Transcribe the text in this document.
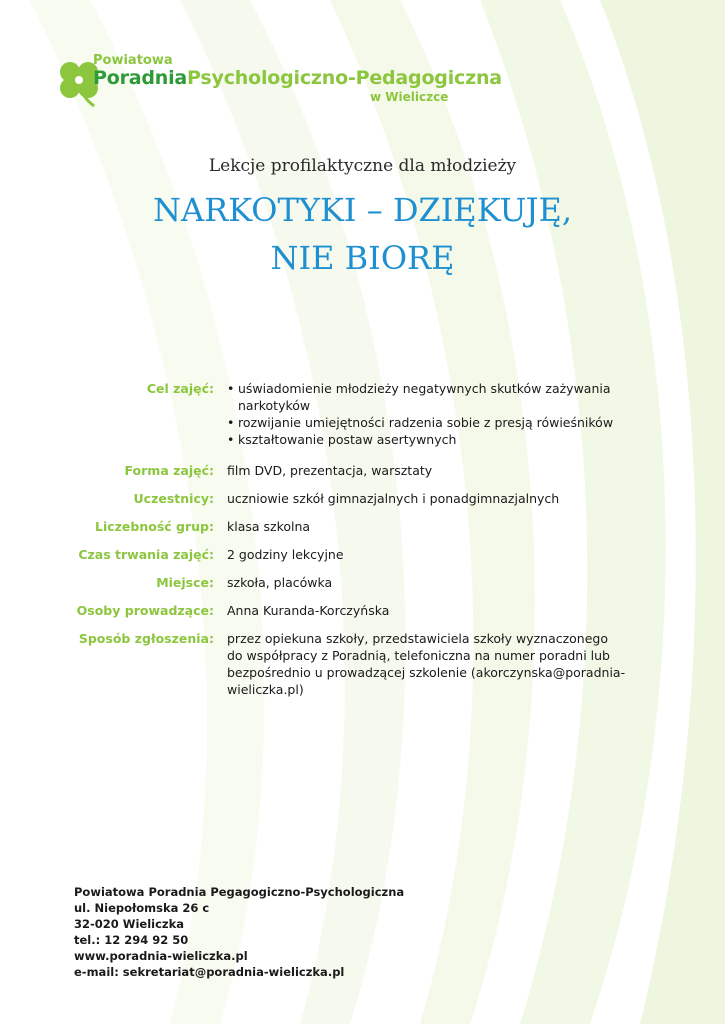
Powiatowa
PoradniaPsychologiczno-Pedagogiczna
w Wieliczce
Lekcje profilaktyczne dla młodzieży
NARKOTYKI – DZIĘKUJĘ,
NIE BIORĘ
Cel zajęć:
•	uświadomienie młodzieży negatywnych skutków zażywania narkotyków
• rozwijanie umiejętności radzenia sobie z presją rówieśników
• kształtowanie postaw asertywnych
Forma zajęć: film DVD, prezentacja, warsztaty
Uczestnicy: uczniowie szkół gimnazjalnych i ponadgimnazjalnych
Liczebność grup: klasa szkolna
Czas trwania zajęć: 2 godziny lekcyjne
Miejsce: szkoła, placówka
Osoby prowadzące: Anna Kuranda-Korczyńska
Sposób zgłoszenia: przez opiekuna szkoły, przedstawiciela szkoły wyznaczonego
do współpracy z Poradnią, telefoniczna na numer poradni lub
bezpośrednio u prowadzącej szkolenie (akorczynska@poradnia-
wieliczka.pl)
Powiatowa Poradnia Pegagogiczno-Psychologiczna
ul. Niepołomska 26 c
32-020 Wieliczka
tel.: 12 294 92 50
www.poradnia-wieliczka.pl
e-mail: sekretariat@poradnia-wieliczka.pl
